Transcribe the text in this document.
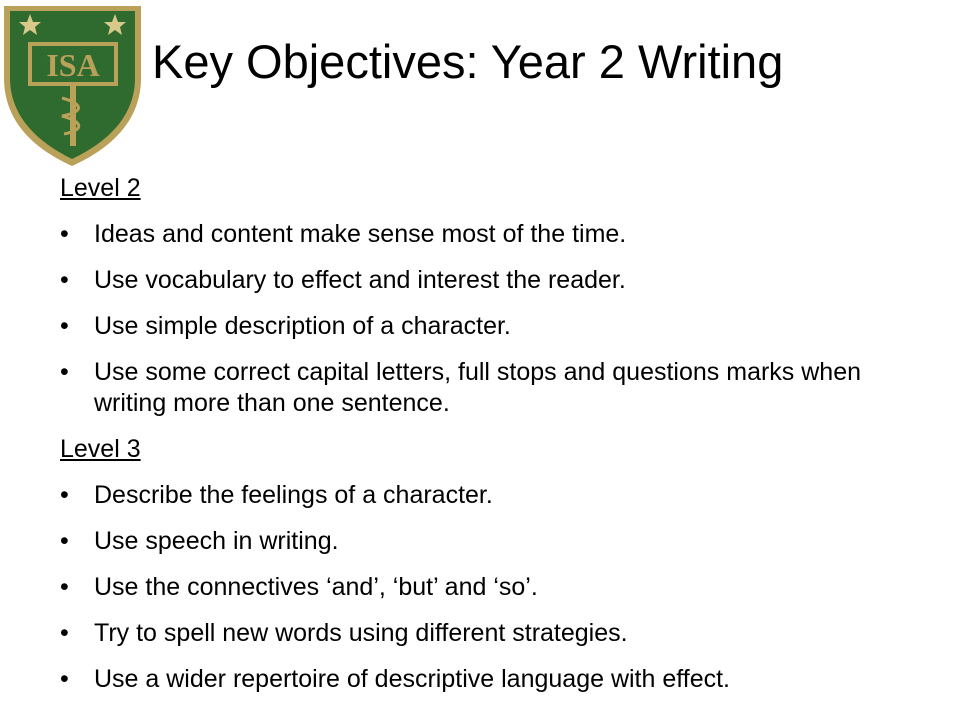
ISA Key Objectives: Year 2 Writing
Level 2
• Ideas and content make sense most of the time.
• Use vocabulary to effect and interest the reader.
• Use simple description of a character.
• Use some correct capital letters, full stops and questions marks when writing more than one sentence.
Level 3
• Describe the feelings of a character.
• Use speech in writing.
• Use the connectives ‘and’, ‘but’ and ‘so’.
• Try to spell new words using different strategies.
• Use a wider repertoire of descriptive language with effect.
